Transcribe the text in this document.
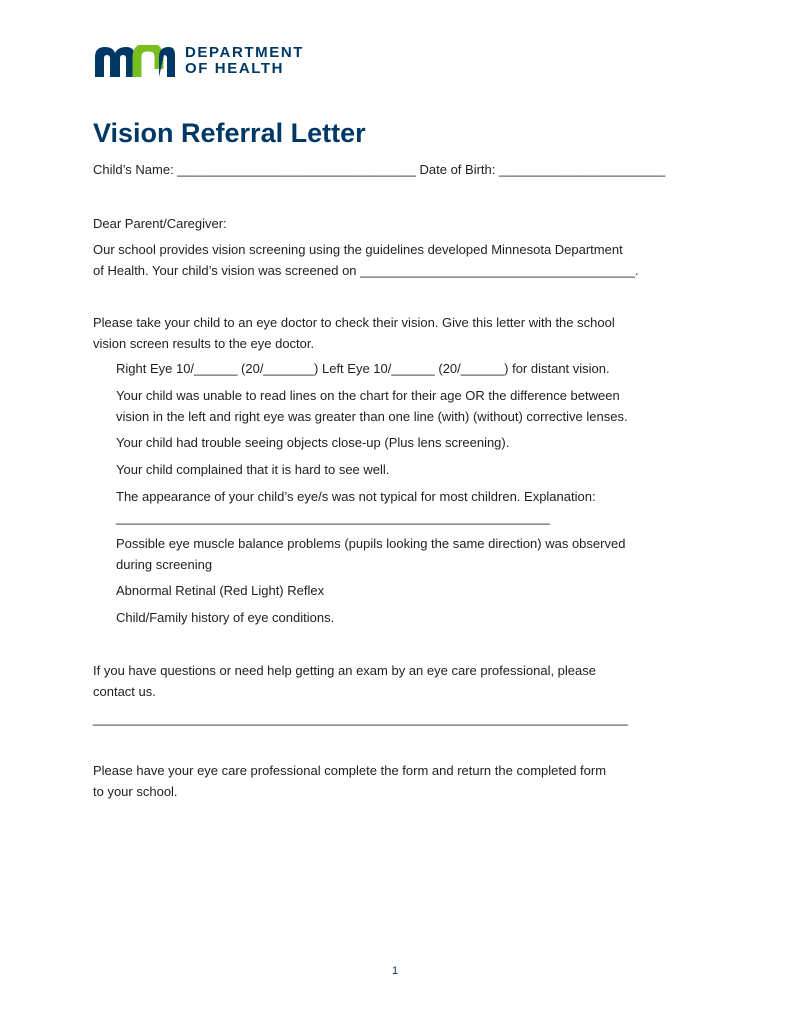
DEPARTMENT
OF HEALTH
Vision Referral Letter

Child’s Name: _________________________________ Date of Birth: _______________________

Dear Parent/Caregiver:

Our school provides vision screening using the guidelines developed Minnesota Department

of Health. Your child’s vision was screened on ______________________________________.

Please take your child to an eye doctor to check their vision. Give this letter with the school

vision screen results to the eye doctor.

Right Eye 10/______ (20/_______) Left Eye 10/______ (20/______) for distant vision.

Your child was unable to read lines on the chart for their age OR the difference between

vision in the left and right eye was greater than one line (with) (without) corrective lenses.

Your child had trouble seeing objects close-up (Plus lens screening).

Your child complained that it is hard to see well.

The appearance of your child’s eye/s was not typical for most children. Explanation:

____________________________________________________________

Possible eye muscle balance problems (pupils looking the same direction) was observed

during screening

Abnormal Retinal (Red Light) Reflex

Child/Family history of eye conditions.

If you have questions or need help getting an exam by an eye care professional, please

contact us.

__________________________________________________________________________

Please have your eye care professional complete the form and return the completed form

to your school.

1
